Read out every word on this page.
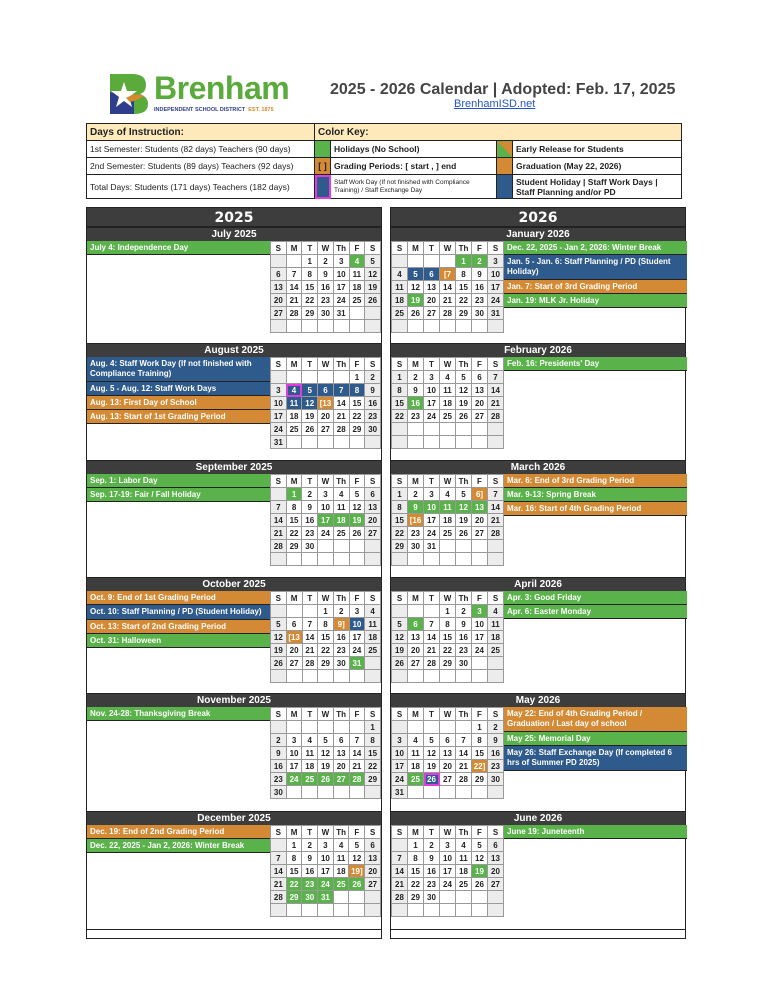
Brenham
INDEPENDENT SCHOOL DISTRICT EST. 1875
2025 - 2026 Calendar | Adopted: Feb. 17, 2025
BrenhamISD.net
Days of Instruction:	Color Key:			
1st Semester: Students (82 days) Teachers (90 days)		Holidays (No School)		Early Release for Students
2nd Semester: Students (89 days) Teachers (92 days)	[ ]	Grading Periods: [ start , ] end		Graduation (May 22, 2026)
Total Days: Students (171 days) Teachers (182 days)		Staff Work Day (If not finished with Compliance Training) / Staff Exchange Day		Student Holiday | Staff Work Days | Staff Planning and/or PD
2025	2026
July 2025
July 4: Independence Day	S	M	T	W	Th	F	S
		1	2	3	4	5
6	7	8	9	10	11	12
13	14	15	16	17	18	19
20	21	22	23	24	25	26
27	28	29	30	31		

August 2025
Aug. 4: Staff Work Day (If not finished with Compliance Training)
Aug. 5 - Aug. 12: Staff Work Days
Aug. 13: First Day of School
Aug. 13: Start of 1st Grading Period
S	M	T	W	Th	F	S
					1	2
3	4	5	6	7	8	9
10	11	12	[13	14	15	16
17	18	19	20	21	22	23
24	25	26	27	28	29	30
31						
September 2025
Sep. 1: Labor Day
Sep. 17-19: Fair / Fall Holiday
S	M	T	W	Th	F	S
	1	2	3	4	5	6
7	8	9	10	11	12	13
14	15	16	17	18	19	20
21	22	23	24	25	26	27
28	29	30				

October 2025
Oct. 9: End of 1st Grading Period
Oct. 10: Staff Planning / PD (Student Holiday)
Oct. 13: Start of 2nd Grading Period
Oct. 31: Halloween
S	M	T	W	Th	F	S
			1	2	3	4
5	6	7	8	9]	10	11
12	[13	14	15	16	17	18
19	20	21	22	23	24	25
26	27	28	29	30	31	

November 2025
Nov. 24-28: Thanksgiving Break	S	M	T	W	Th	F	S
						1
2	3	4	5	6	7	8
9	10	11	12	13	14	15
16	17	18	19	20	21	22
23	24	25	26	27	28	29
30						
December 2025
Dec. 19: End of 2nd Grading Period
Dec. 22, 2025 - Jan 2, 2026: Winter Break
S	M	T	W	Th	F	S
	1	2	3	4	5	6
7	8	9	10	11	12	13
14	15	16	17	18	19]	20
21	22	23	24	25	26	27
28	29	30	31			

January 2026
Dec. 22, 2025 - Jan 2, 2026: Winter Break
Jan. 5 - Jan. 6: Staff Planning / PD (Student Holiday)
Jan. 7: Start of 3rd Grading Period
Jan. 19: MLK Jr. Holiday
S	M	T	W	Th	F	S
				1	2	3
4	5	6	[7	8	9	10
11	12	13	14	15	16	17
18	19	20	21	22	23	24
25	26	27	28	29	30	31

February 2026
Feb. 16: Presidents' Day
S	M	T	W	Th	F	S
1	2	3	4	5	6	7
8	9	10	11	12	13	14
15	16	17	18	19	20	21
22	23	24	25	26	27	28

March 2026
Mar. 6: End of 3rd Grading Period
Mar. 9-13: Spring Break
Mar. 16: Start of 4th Grading Period
S	M	T	W	Th	F	S
1	2	3	4	5	6]	7
8	9	10	11	12	13	14
15	[16	17	18	19	20	21
22	23	24	25	26	27	28
29	30	31				

April 2026
Apr. 3: Good Friday
Apr. 6: Easter Monday
S	M	T	W	Th	F	S
			1	2	3	4
5	6	7	8	9	10	11
12	13	14	15	16	17	18
19	20	21	22	23	24	25
26	27	28	29	30		

May 2026
May 22: End of 4th Grading Period / Graduation / Last day of school
May 25: Memorial Day
May 26: Staff Exchange Day (If completed 6 hrs of Summer PD 2025)
S	M	T	W	Th	F	S
					1	2
3	4	5	6	7	8	9
10	11	12	13	14	15	16
17	18	19	20	21	22]	23
24	25	26	27	28	29	30
31						
June 2026
June 19: Juneteenth
S	M	T	W	Th	F	S
	1	2	3	4	5	6
7	8	9	10	11	12	13
14	15	16	17	18	19	20
21	22	23	24	25	26	27
28	29	30				
